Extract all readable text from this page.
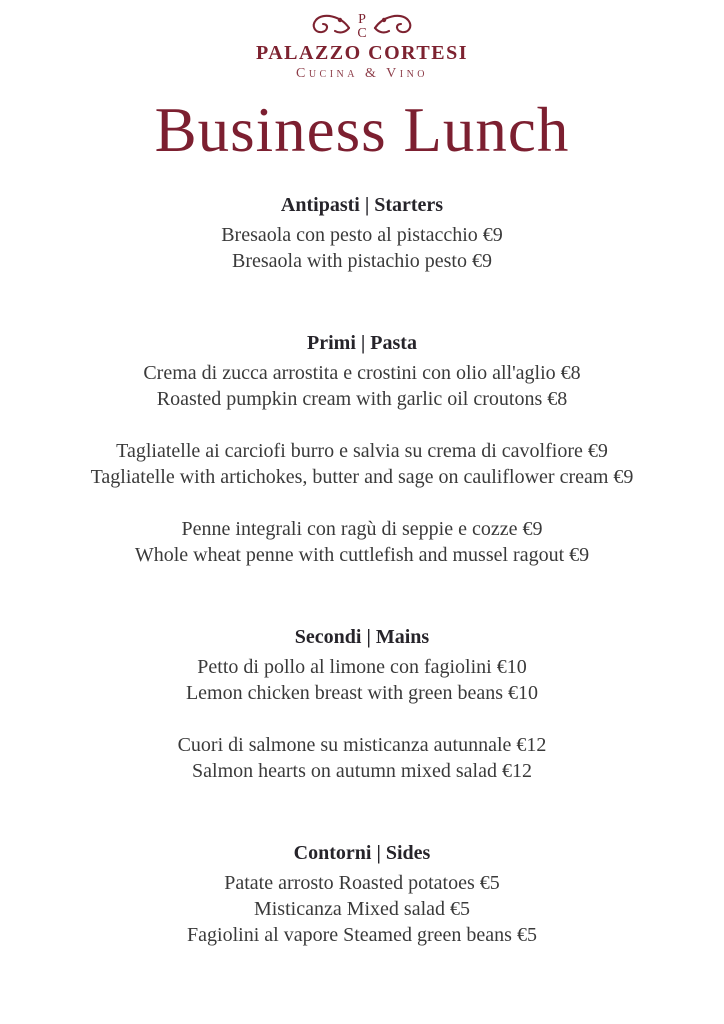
P
C
PALAZZO CORTESI
Cucina & Vino
Business Lunch
Antipasti | Starters
Bresaola con pesto al pistacchio €9
Bresaola with pistachio pesto €9
Primi | Pasta
Crema di zucca arrostita e crostini con olio all'aglio €8
Roasted pumpkin cream with garlic oil croutons €8
Tagliatelle ai carciofi burro e salvia su crema di cavolfiore €9
Tagliatelle with artichokes, butter and sage on cauliflower cream €9
Penne integrali con ragù di seppie e cozze €9
Whole wheat penne with cuttlefish and mussel ragout €9
Secondi | Mains
Petto di pollo al limone con fagiolini €10
Lemon chicken breast with green beans €10
Cuori di salmone su misticanza autunnale €12
Salmon hearts on autumn mixed salad €12
Contorni | Sides
Patate arrosto Roasted potatoes €5
Misticanza Mixed salad €5
Fagiolini al vapore Steamed green beans €5
